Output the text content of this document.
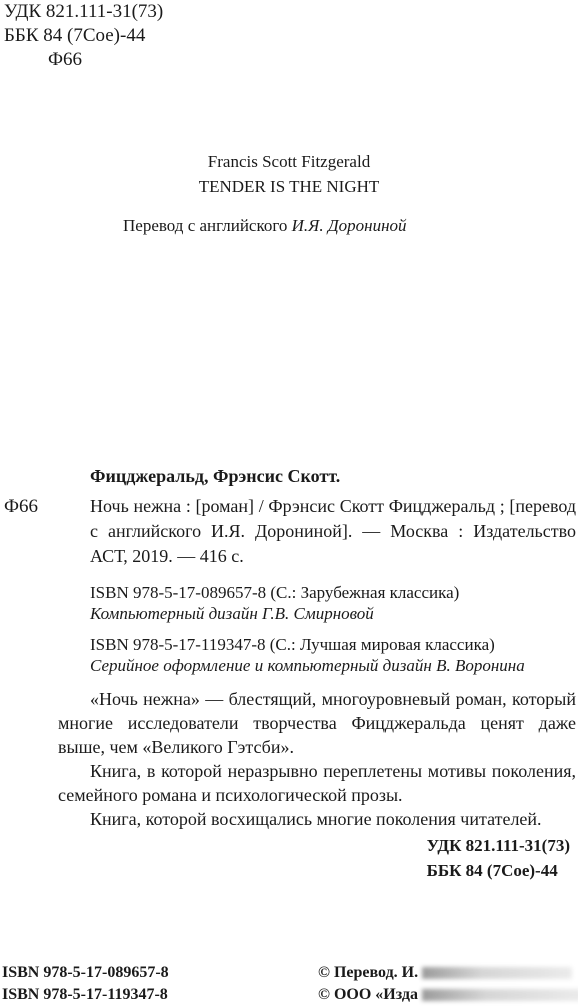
УДК 821.111-31(73)
ББК 84 (7Сое)-44
Ф66
Francis Scott Fitzgerald
TENDER IS THE NIGHT
Перевод с английского И.Я. Дорониной
Фицджеральд, Фрэнсис Скотт.
Ф66	Ночь нежна : [роман] / Фрэнсис Скотт Фицджеральд ; [перевод с английского И.Я. Дорониной]. — Москва : Издательство АСТ, 2019. — 416 с.
ISBN 978-5-17-089657-8 (С.: Зарубежная классика)
Компьютерный дизайн Г.В. Смирновой
ISBN 978-5-17-119347-8 (С.: Лучшая мировая классика)
Серийное оформление и компьютерный дизайн В. Воронина

«Ночь нежна» — блестящий, многоуровневый роман, который многие исследователи творчества Фицджеральда ценят даже выше, чем «Великого Гэтсби».

Книга, в которой неразрывно переплетены мотивы поколения, семейного романа и психологической прозы.

Книга, которой восхищались многие поколения читателей.

УДК 821.111-31(73)
ББК 84 (7Сое)-44
ISBN 978-5-17-089657-8
ISBN 978-5-17-119347-8
© Перевод. И.
© ООО «Изда
